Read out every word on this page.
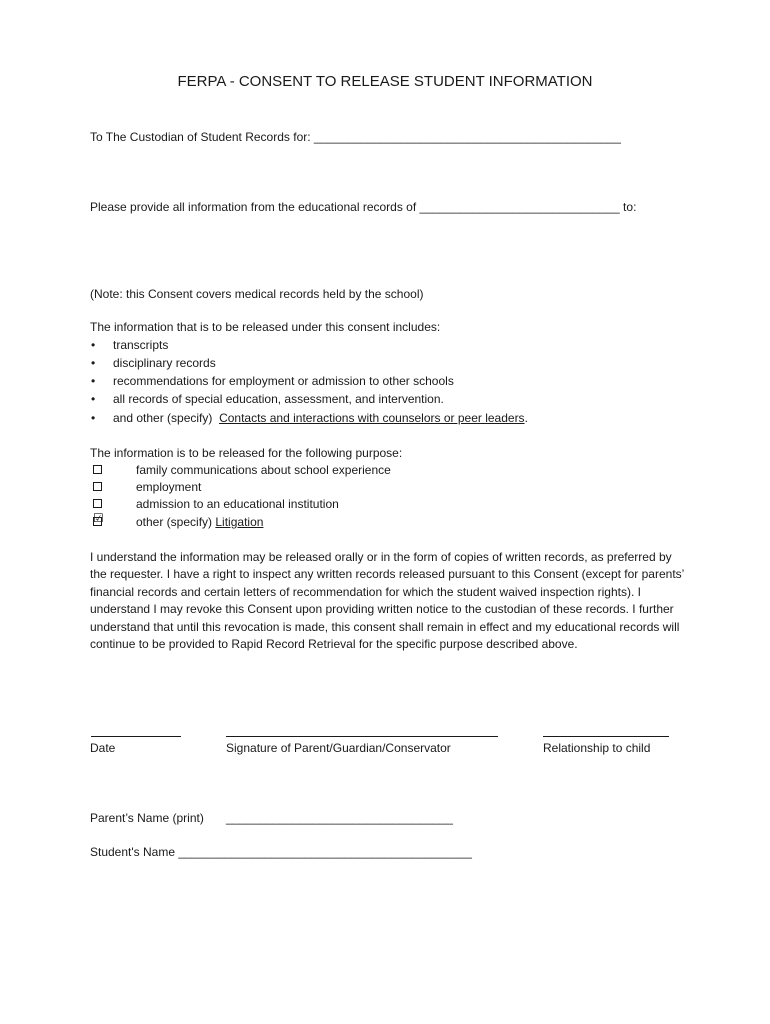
FERPA - CONSENT TO RELEASE STUDENT INFORMATION
To The Custodian of Student Records for: ______________________________________________
Please provide all information from the educational records of ______________________________ to:
(Note: this Consent covers medical records held by the school)
The information that is to be released under this consent includes:
• transcripts
• disciplinary records
• recommendations for employment or admission to other schools
• all records of special education, assessment, and intervention.
• and other (specify) Contacts and interactions with counselors or peer leaders.
The information is to be released for the following purpose:
family communications about school experience
employment
admission to an educational institution
☑	other (specify) Litigation
I understand the information may be released orally or in the form of copies of written records, as preferred by the requester. I have a right to inspect any written records released pursuant to this Consent (except for parents’ financial records and certain letters of recommendation for which the student waived inspection rights). I understand I may revoke this Consent upon providing written notice to the custodian of these records. I further understand that until this revocation is made, this consent shall remain in effect and my educational records will continue to be provided to Rapid Record Retrieval for the specific purpose described above.
Date	Signature of Parent/Guardian/Conservator	Relationship to child
Parent’s Name (print) __________________________________
Student's Name ____________________________________________
